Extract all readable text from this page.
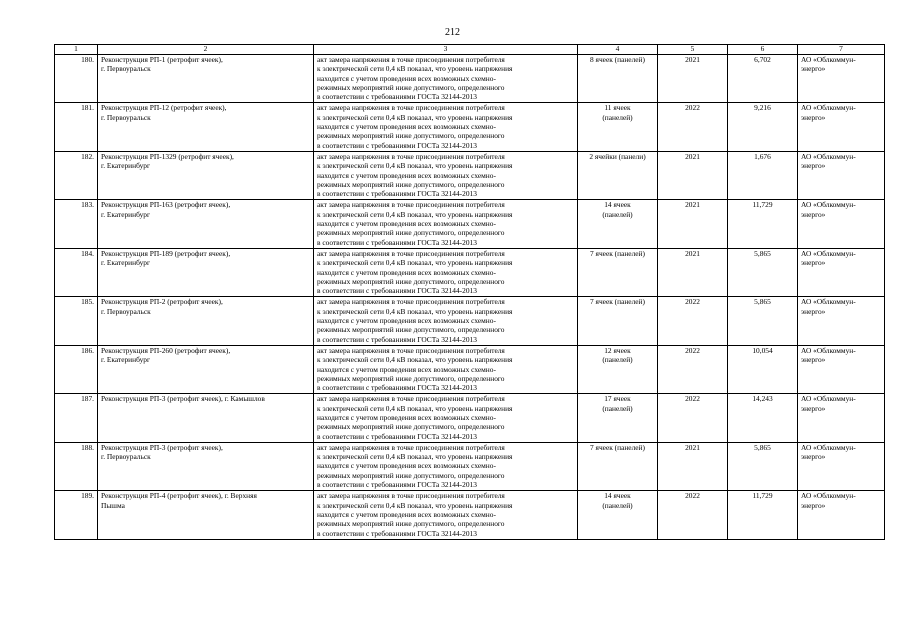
212
1	2	3	4	5	6	7
180.	Реконструкция РП-1 (ретрофит ячеек),
г. Первоуральск	акт замера напряжения в точке присоединения потребителя
к электрической сети 0,4 кВ показал, что уровень напряжения
находится с учетом проведения всех возможных схемно-
режимных мероприятий ниже допустимого, определенного
в соответствии с требованиями ГОСТа 32144-2013	8 ячеек (панелей)	2021	6,702	АО «Облкоммун-
энерго»

181.	Реконструкция РП-12 (ретрофит ячеек),
г. Первоуральск	акт замера напряжения в точке присоединения потребителя
к электрической сети 0,4 кВ показал, что уровень напряжения
находится с учетом проведения всех возможных схемно-
режимных мероприятий ниже допустимого, определенного
в соответствии с требованиями ГОСТа 32144-2013	11 ячеек
(панелей)	2022	9,216	АО «Облкоммун-
энерго»

182.	Реконструкция РП-1329 (ретрофит ячеек),
г. Екатеринбург	акт замера напряжения в точке присоединения потребителя
к электрической сети 0,4 кВ показал, что уровень напряжения
находится с учетом проведения всех возможных схемно-
режимных мероприятий ниже допустимого, определенного
в соответствии с требованиями ГОСТа 32144-2013	2 ячейки (панели)	2021	1,676	АО «Облкоммун-
энерго»

183.	Реконструкция РП-163 (ретрофит ячеек),
г. Екатеринбург	акт замера напряжения в точке присоединения потребителя
к электрической сети 0,4 кВ показал, что уровень напряжения
находится с учетом проведения всех возможных схемно-
режимных мероприятий ниже допустимого, определенного
в соответствии с требованиями ГОСТа 32144-2013	14 ячеек
(панелей)	2021	11,729	АО «Облкоммун-
энерго»

184.	Реконструкция РП-189 (ретрофит ячеек),
г. Екатеринбург	акт замера напряжения в точке присоединения потребителя
к электрической сети 0,4 кВ показал, что уровень напряжения
находится с учетом проведения всех возможных схемно-
режимных мероприятий ниже допустимого, определенного
в соответствии с требованиями ГОСТа 32144-2013	7 ячеек (панелей)	2021	5,865	АО «Облкоммун-
энерго»

185.	Реконструкция РП-2 (ретрофит ячеек),
г. Первоуральск	акт замера напряжения в точке присоединения потребителя
к электрической сети 0,4 кВ показал, что уровень напряжения
находится с учетом проведения всех возможных схемно-
режимных мероприятий ниже допустимого, определенного
в соответствии с требованиями ГОСТа 32144-2013	7 ячеек (панелей)	2022	5,865	АО «Облкоммун-
энерго»

186.	Реконструкция РП-260 (ретрофит ячеек),
г. Екатеринбург	акт замера напряжения в точке присоединения потребителя
к электрической сети 0,4 кВ показал, что уровень напряжения
находится с учетом проведения всех возможных схемно-
режимных мероприятий ниже допустимого, определенного
в соответствии с требованиями ГОСТа 32144-2013	12 ячеек
(панелей)	2022	10,054	АО «Облкоммун-
энерго»

187.	Реконструкция РП-3 (ретрофит ячеек), г. Камышлов	акт замера напряжения в точке присоединения потребителя
к электрической сети 0,4 кВ показал, что уровень напряжения
находится с учетом проведения всех возможных схемно-
режимных мероприятий ниже допустимого, определенного
в соответствии с требованиями ГОСТа 32144-2013	17 ячеек
(панелей)	2022	14,243	АО «Облкоммун-
энерго»

188.	Реконструкция РП-3 (ретрофит ячеек),
г. Первоуральск	акт замера напряжения в точке присоединения потребителя
к электрической сети 0,4 кВ показал, что уровень напряжения
находится с учетом проведения всех возможных схемно-
режимных мероприятий ниже допустимого, определенного
в соответствии с требованиями ГОСТа 32144-2013	7 ячеек (панелей)	2021	5,865	АО «Облкоммун-
энерго»

189.	Реконструкция РП-4 (ретрофит ячеек), г. Верхняя
Пышма	акт замера напряжения в точке присоединения потребителя
к электрической сети 0,4 кВ показал, что уровень напряжения
находится с учетом проведения всех возможных схемно-
режимных мероприятий ниже допустимого, определенного
в соответствии с требованиями ГОСТа 32144-2013	14 ячеек
(панелей)	2022	11,729	АО «Облкоммун-
энерго»
